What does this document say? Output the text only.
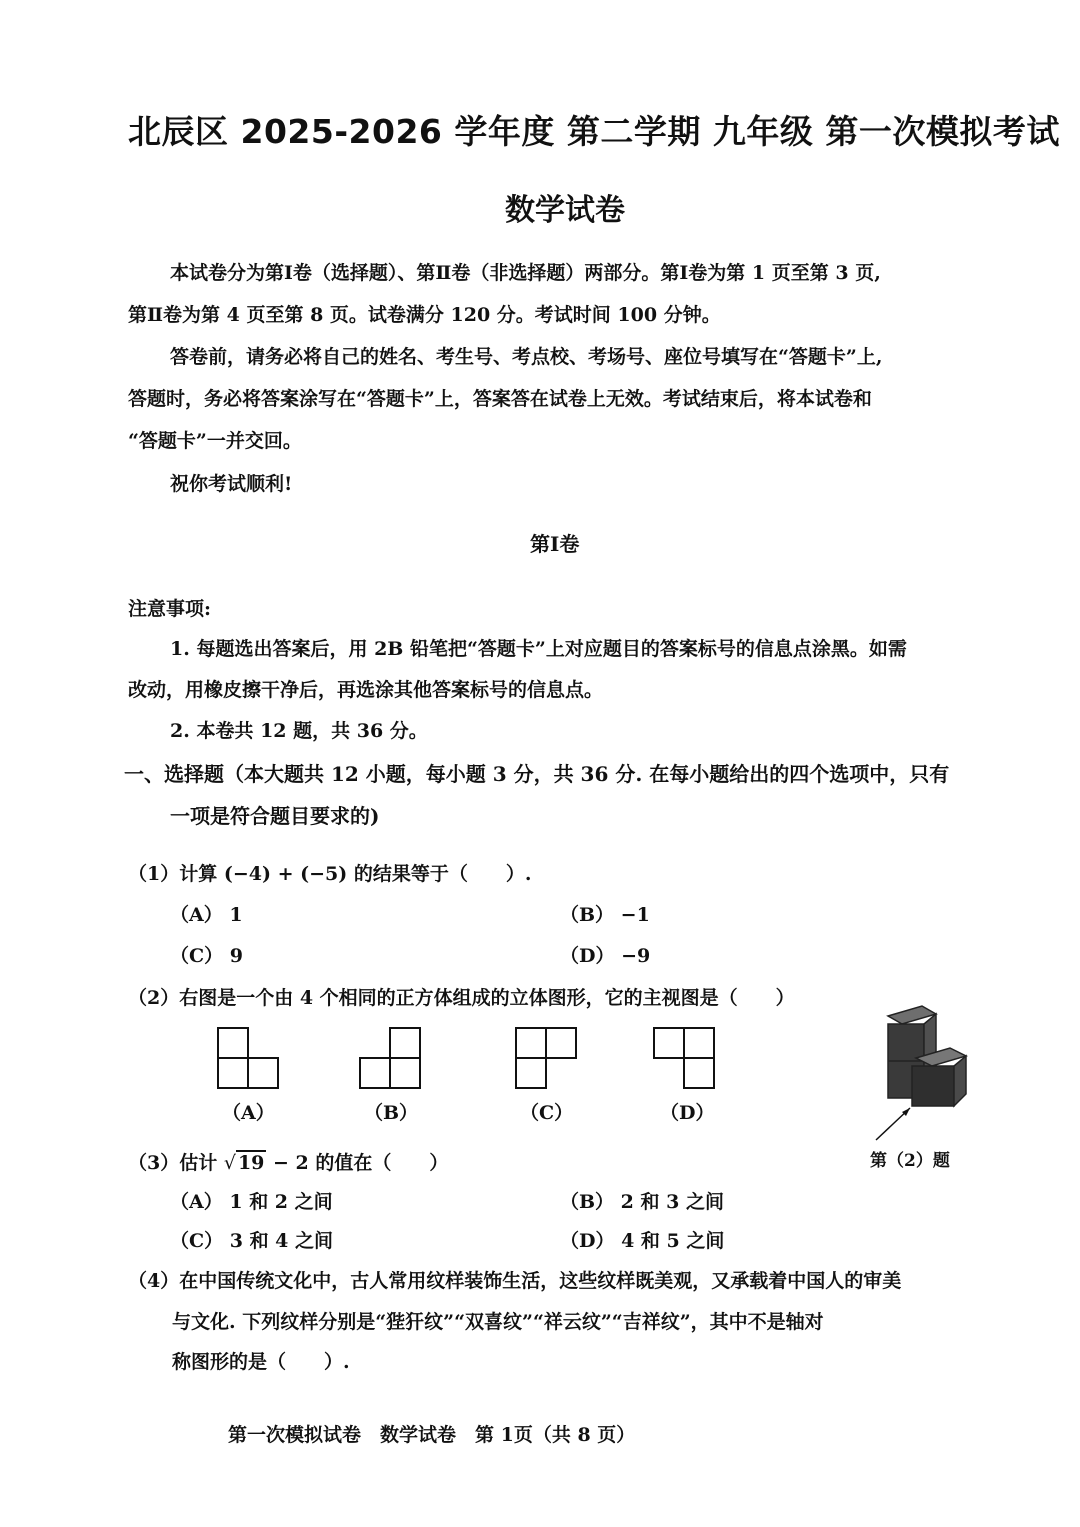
北辰区 2025-2026 学年度 第二学期 九年级 第一次模拟考试
数学试卷
本试卷分为第Ⅰ卷（选择题）、第Ⅱ卷（非选择题）两部分。第Ⅰ卷为第 1 页至第 3 页,
第Ⅱ卷为第 4 页至第 8 页。试卷满分 120 分。考试时间 100 分钟。
答卷前，请务必将自己的姓名、考生号、考点校、考场号、座位号填写在“答题卡”上,
答题时，务必将答案涂写在“答题卡”上，答案答在试卷上无效。考试结束后，将本试卷和
“答题卡”一并交回。
祝你考试顺利!
第Ⅰ卷
注意事项:
1. 每题选出答案后，用 2B 铅笔把“答题卡”上对应题目的答案标号的信息点涂黑。如需
改动，用橡皮擦干净后，再选涂其他答案标号的信息点。
2. 本卷共 12 题，共 36 分。
一、选择题（本大题共 12 小题，每小题 3 分，共 36 分. 在每小题给出的四个选项中，只有
一项是符合题目要求的)
（1）计算 (−4) + (−5) 的结果等于（　　）.
（A） 1	（B） −1
（C） 9	（D） −9
（2）右图是一个由 4 个相同的正方体组成的立体图形，它的主视图是（　　）
（A）	（B）	（C）	（D）
第（2）题
（3）估计 √ 19 − 2 的值在（　　）
（A） 1 和 2 之间	（B） 2 和 3 之间
（C） 3 和 4 之间	（D） 4 和 5 之间
（4）在中国传统文化中，古人常用纹样装饰生活，这些纹样既美观，又承载着中国人的审美
与文化. 下列纹样分别是“狴犴纹”“双喜纹”“祥云纹”“吉祥纹”，其中不是轴对
称图形的是（　　）.
第一次模拟试卷　数学试卷　第 1页（共 8 页）
